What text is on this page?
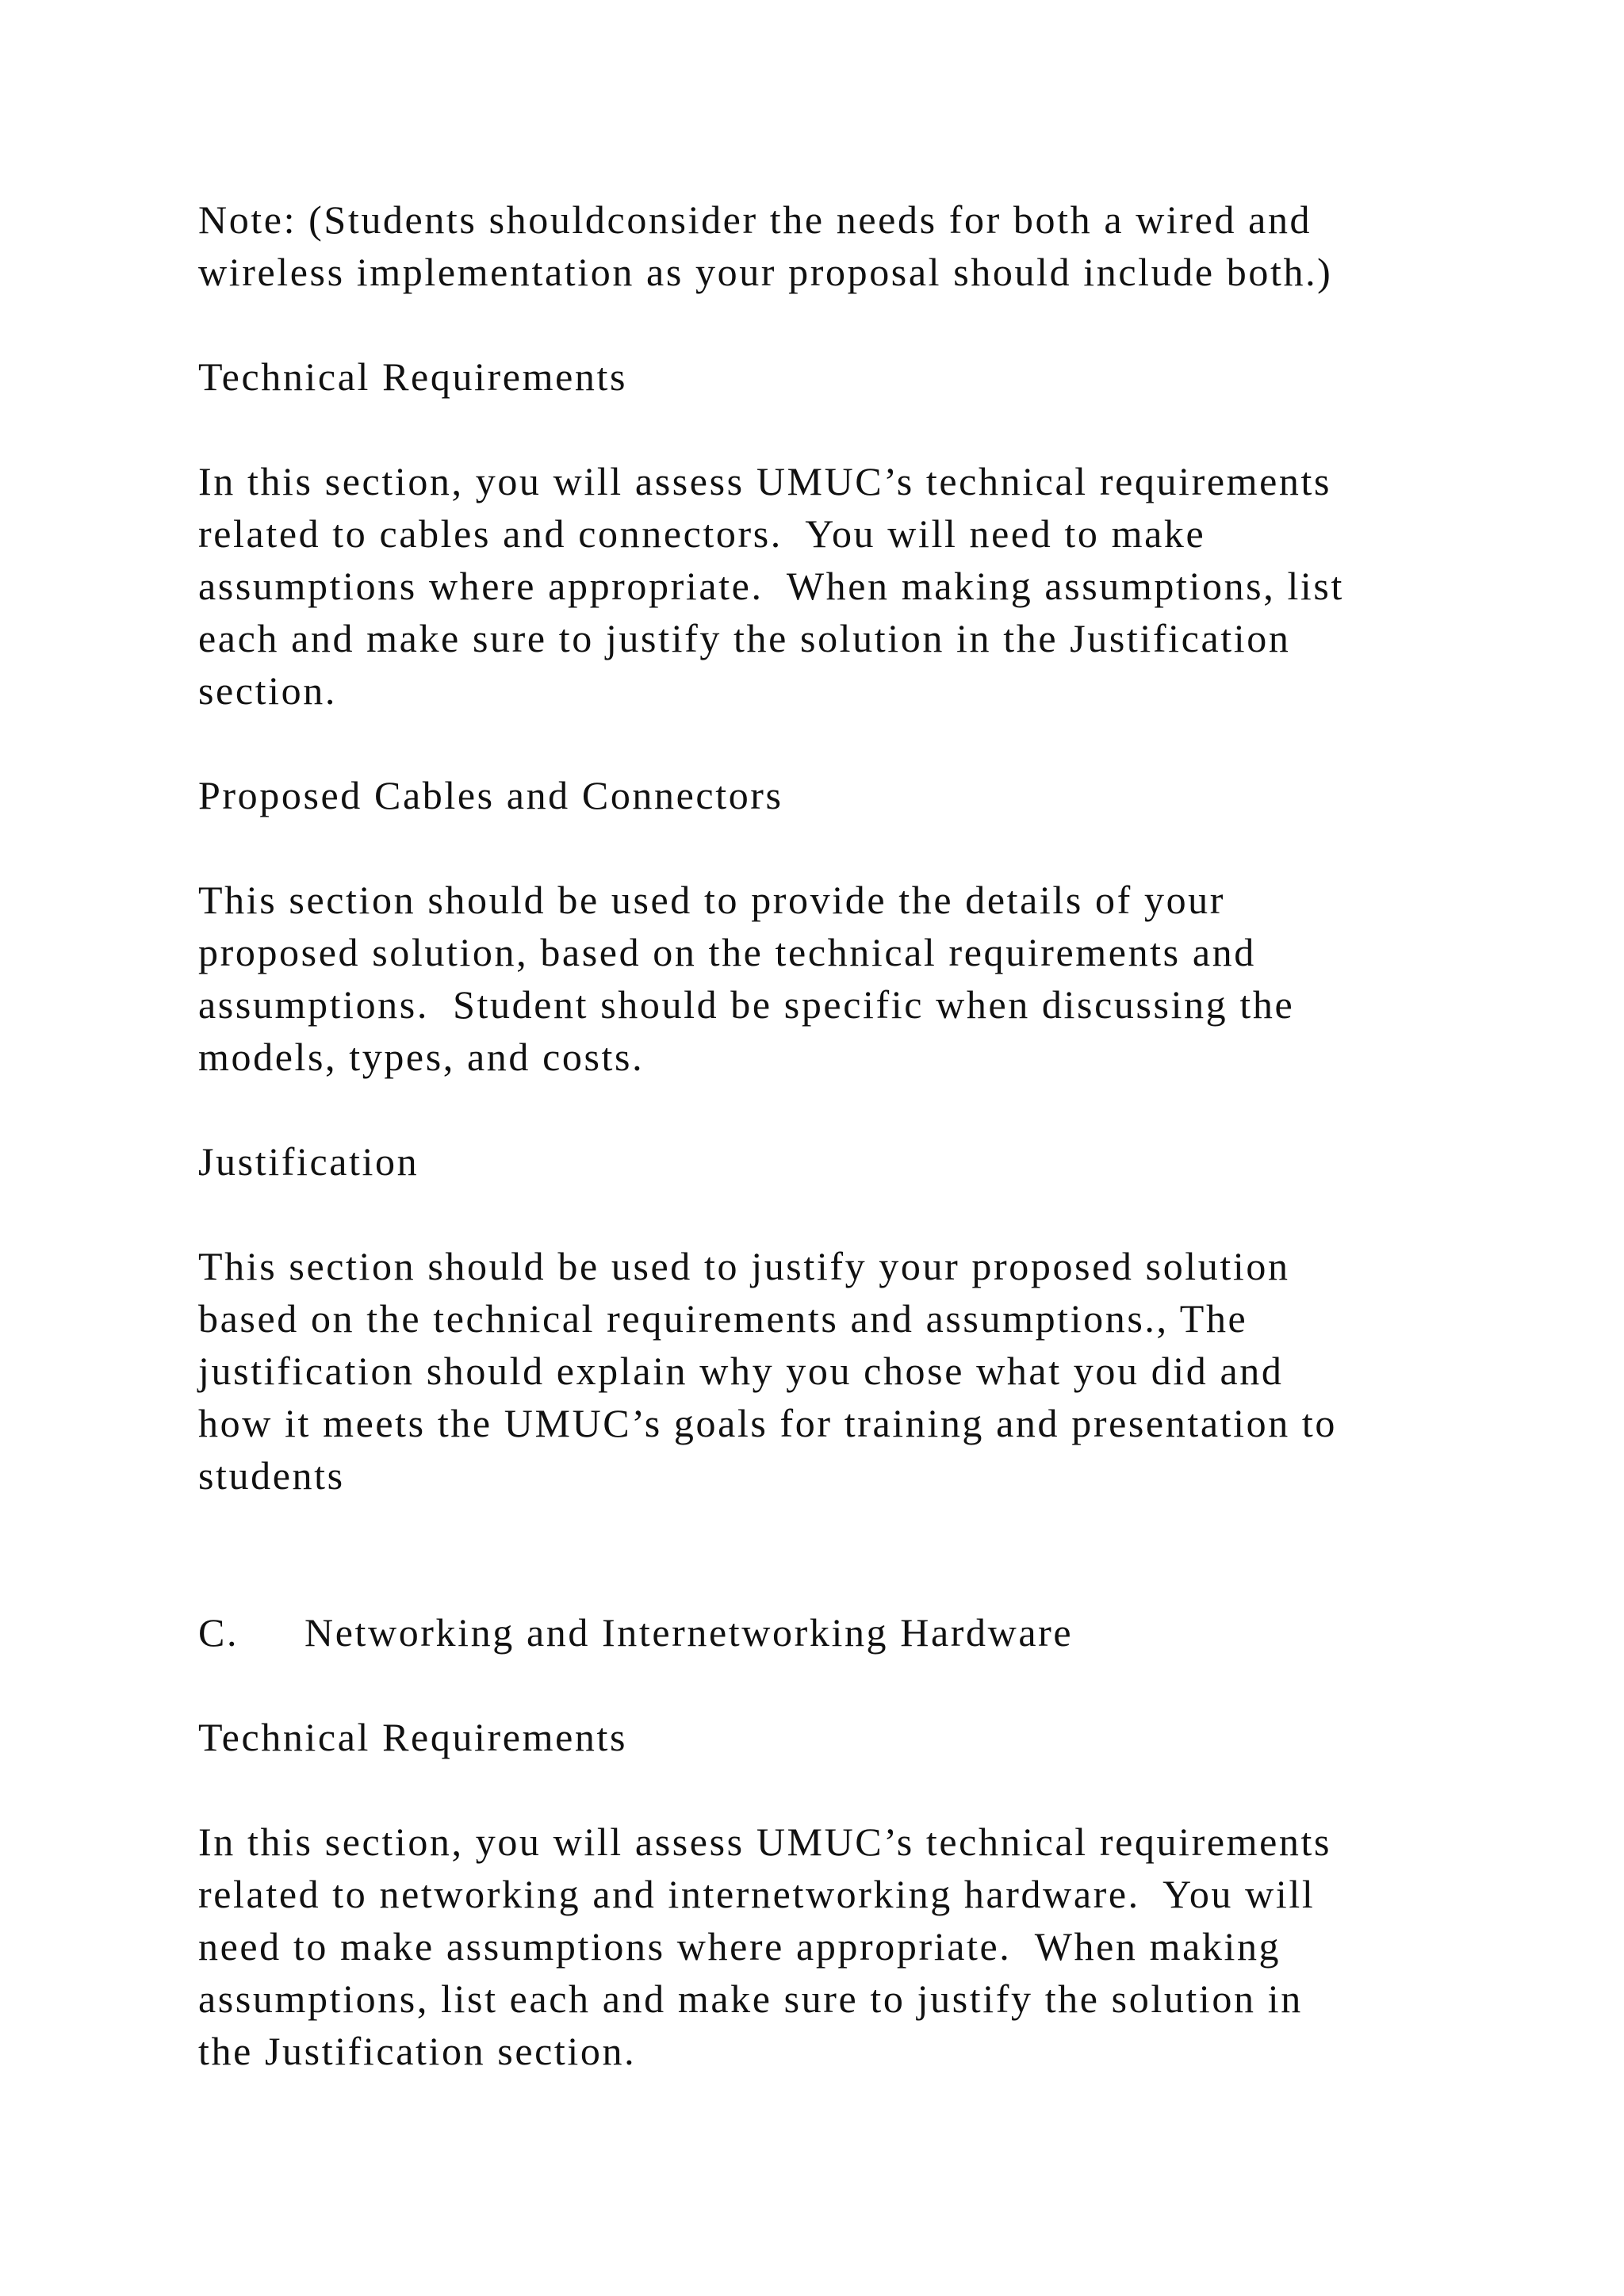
Note: (Students shouldconsider the needs for both a wired and
wireless implementation as your proposal should include both.)

Technical Requirements

In this section, you will assess UMUC’s technical requirements
related to cables and connectors.  You will need to make
assumptions where appropriate.  When making assumptions, list
each and make sure to justify the solution in the Justification
section.

Proposed Cables and Connectors

This section should be used to provide the details of your
proposed solution, based on the technical requirements and
assumptions.  Student should be specific when discussing the
models, types, and costs.

Justification

This section should be used to justify your proposed solution
based on the technical requirements and assumptions., The
justification should explain why you chose what you did and
how it meets the UMUC’s goals for training and presentation to
students

C. Networking and Internetworking Hardware

Technical Requirements

In this section, you will assess UMUC’s technical requirements
related to networking and internetworking hardware.  You will
need to make assumptions where appropriate.  When making
assumptions, list each and make sure to justify the solution in
the Justification section.
